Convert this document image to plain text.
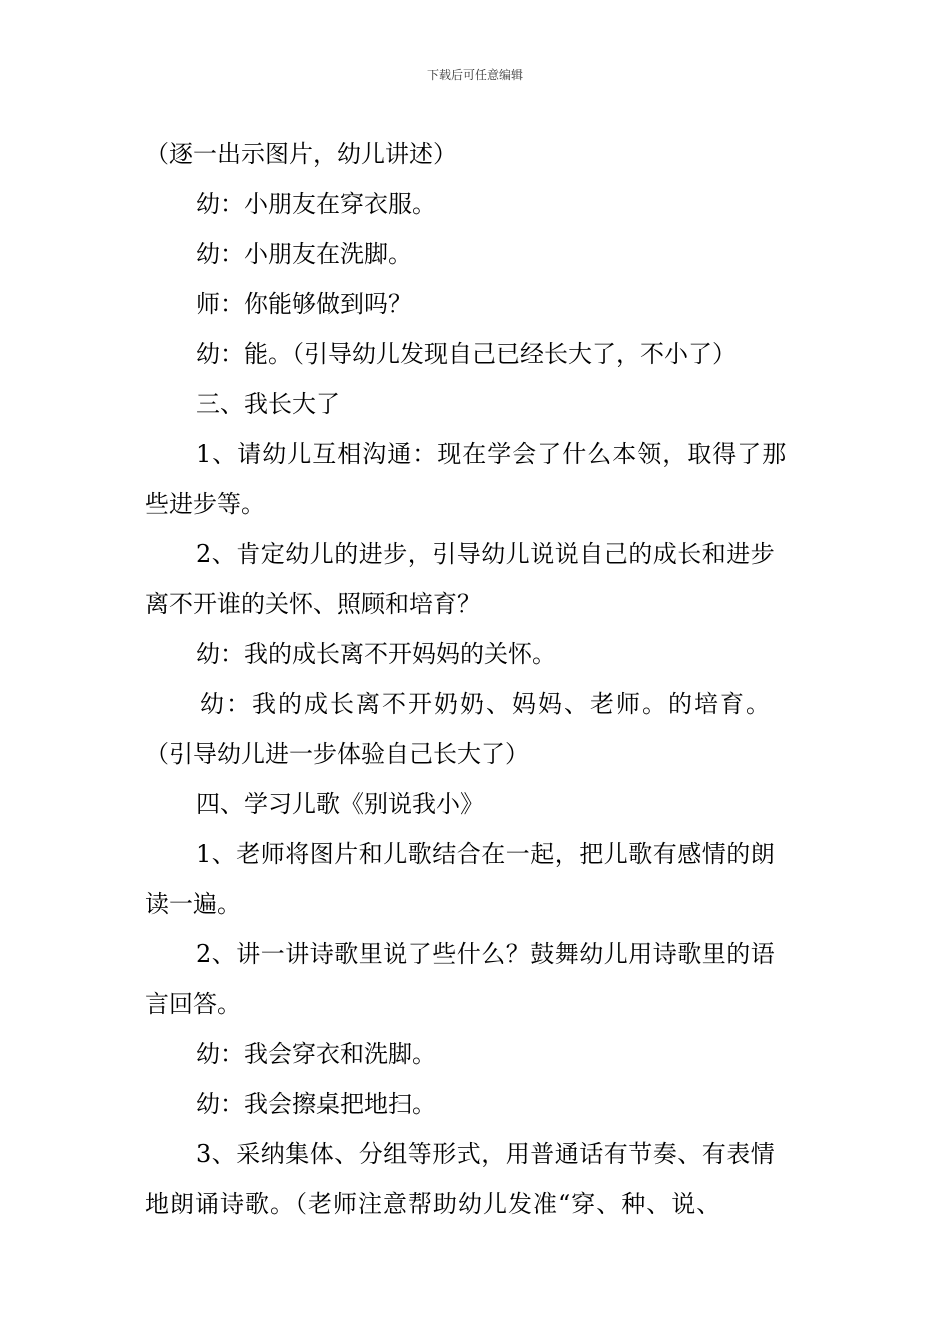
下载后可任意编辑
（逐一出示图片，幼儿讲述）
幼：小朋友在穿衣服。
幼：小朋友在洗脚。
师：你能够做到吗？
幼：能。（引导幼儿发现自己已经长大了，不小了）
三、我长大了
1、请幼儿互相沟通：现在学会了什么本领，取得了那
些进步等。
2、肯定幼儿的进步，引导幼儿说说自己的成长和进步
离不开谁的关怀、照顾和培育？
幼：我的成长离不开妈妈的关怀。
幼：我的成长离不开奶奶、妈妈、老师。的培育。
（引导幼儿进一步体验自己长大了）
四、学习儿歌《别说我小》
1、老师将图片和儿歌结合在一起，把儿歌有感情的朗
读一遍。
2、讲一讲诗歌里说了些什么？鼓舞幼儿用诗歌里的语
言回答。
幼：我会穿衣和洗脚。
幼：我会擦桌把地扫。
3、采纳集体、分组等形式，用普通话有节奏、有表情
地朗诵诗歌。（老师注意帮助幼儿发准“穿、种、说、
